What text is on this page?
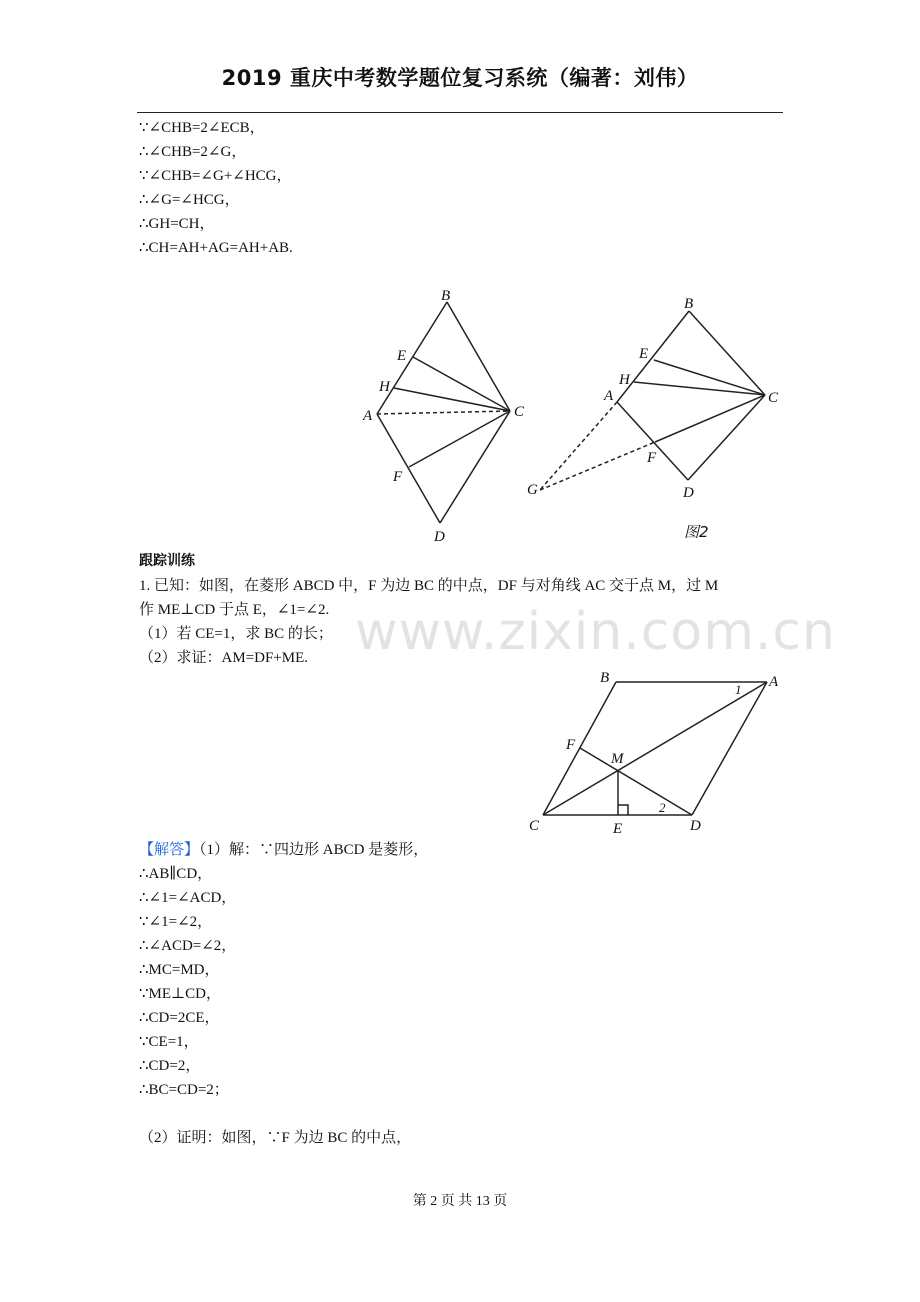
2019 重庆中考数学题位复习系统（编著：刘伟）
∵∠CHB=2∠ECB，
∴∠CHB=2∠G，
∵∠CHB=∠G+∠HCG，
∴∠G=∠HCG，
∴GH=CH，
∴CH=AH+AG=AH+AB.
B
E
H
A	C
F
D
B
E
H
A	C
F
G	D
图2
跟踪训练
1. 已知：如图，在菱形 ABCD 中，F 为边 BC 的中点，DF 与对角线 AC 交于点 M，过 M
作 ME⊥CD 于点 E，∠1=∠2. www.zixin.com.cn
（1）若 CE=1，求 BC 的长；
（2）求证：AM=DF+ME.
B	A
F
M
C	E	D
1
2
【解答】（1）解：∵四边形 ABCD 是菱形，
∴AB∥CD，
∴∠1=∠ACD，
∵∠1=∠2，
∴∠ACD=∠2，
∴MC=MD，
∵ME⊥CD，
∴CD=2CE，
∵CE=1，
∴CD=2，
∴BC=CD=2；
（2）证明：如图，∵F 为边 BC 的中点，
第 2 页 共 13 页
